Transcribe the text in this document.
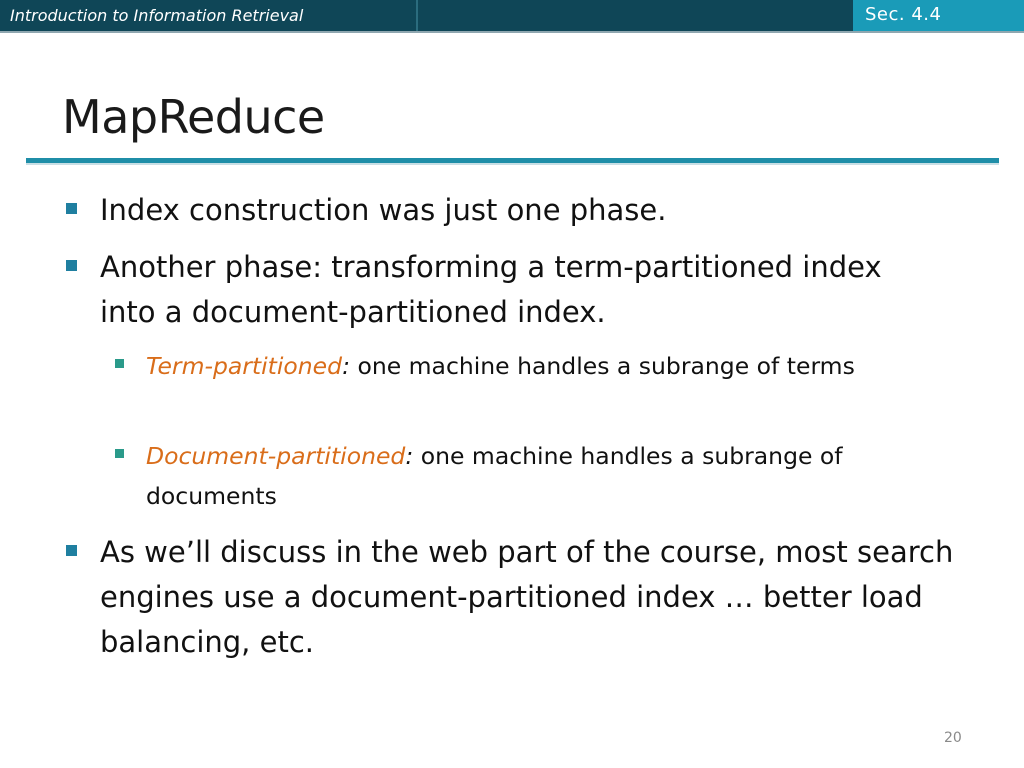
Introduction to Information Retrieval	Sec. 4.4
MapReduce
Index construction was just one phase.
Another phase: transforming a term-partitioned index into a document-partitioned index.
Term-partitioned: one machine handles a subrange of terms
Document-partitioned: one machine handles a subrange of documents
As we’ll discuss in the web part of the course, most search engines use a document-partitioned index … better load balancing, etc.
20
